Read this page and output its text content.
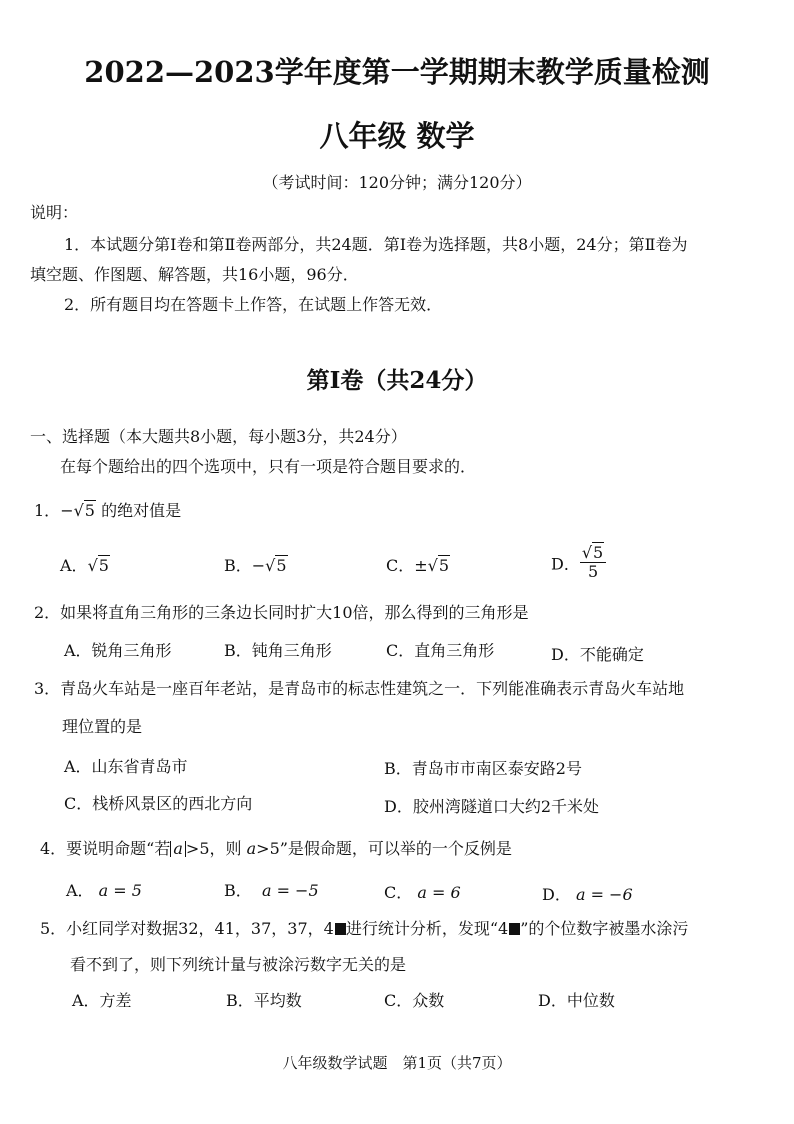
2022—2023学年度第一学期期末教学质量检测
八年级 数学
（考试时间：120分钟；满分120分）
说明：
1．本试题分第Ⅰ卷和第Ⅱ卷两部分，共24题．第Ⅰ卷为选择题，共8小题，24分；第Ⅱ卷为
填空题、作图题、解答题，共16小题，96分．
2．所有题目均在答题卡上作答，在试题上作答无效．
第Ⅰ卷（共24分）
一、选择题（本大题共8小题，每小题3分，共24分）
在每个题给出的四个选项中，只有一项是符合题目要求的．
1．−√5 的绝对值是
A．√5	B．−√5	C．±√5	D． $\frac{√5}{5}$
2．如果将直角三角形的三条边长同时扩大10倍，那么得到的三角形是
A．锐角三角形	B．钝角三角形	C．直角三角形	D．不能确定
3．青岛火车站是一座百年老站，是青岛市的标志性建筑之一．下列能准确表示青岛火车站地
理位置的是
A．山东省青岛市	B．青岛市市南区泰安路2号
C．栈桥风景区的西北方向	D．胶州湾隧道口大约2千米处
4．要说明命题“若 a >5，则 a>5”是假命题，可以举的一个反例是
A． a = 5	B． a = −5	C． a = 6	D． a = −6
5．小红同学对数据32，41，37，37，4 进行统计分析，发现“4 ”的个位数字被墨水涂污
看不到了，则下列统计量与被涂污数字无关的是
A．方差	B．平均数	C．众数	D．中位数
八年级数学试题　第1页（共7页）
